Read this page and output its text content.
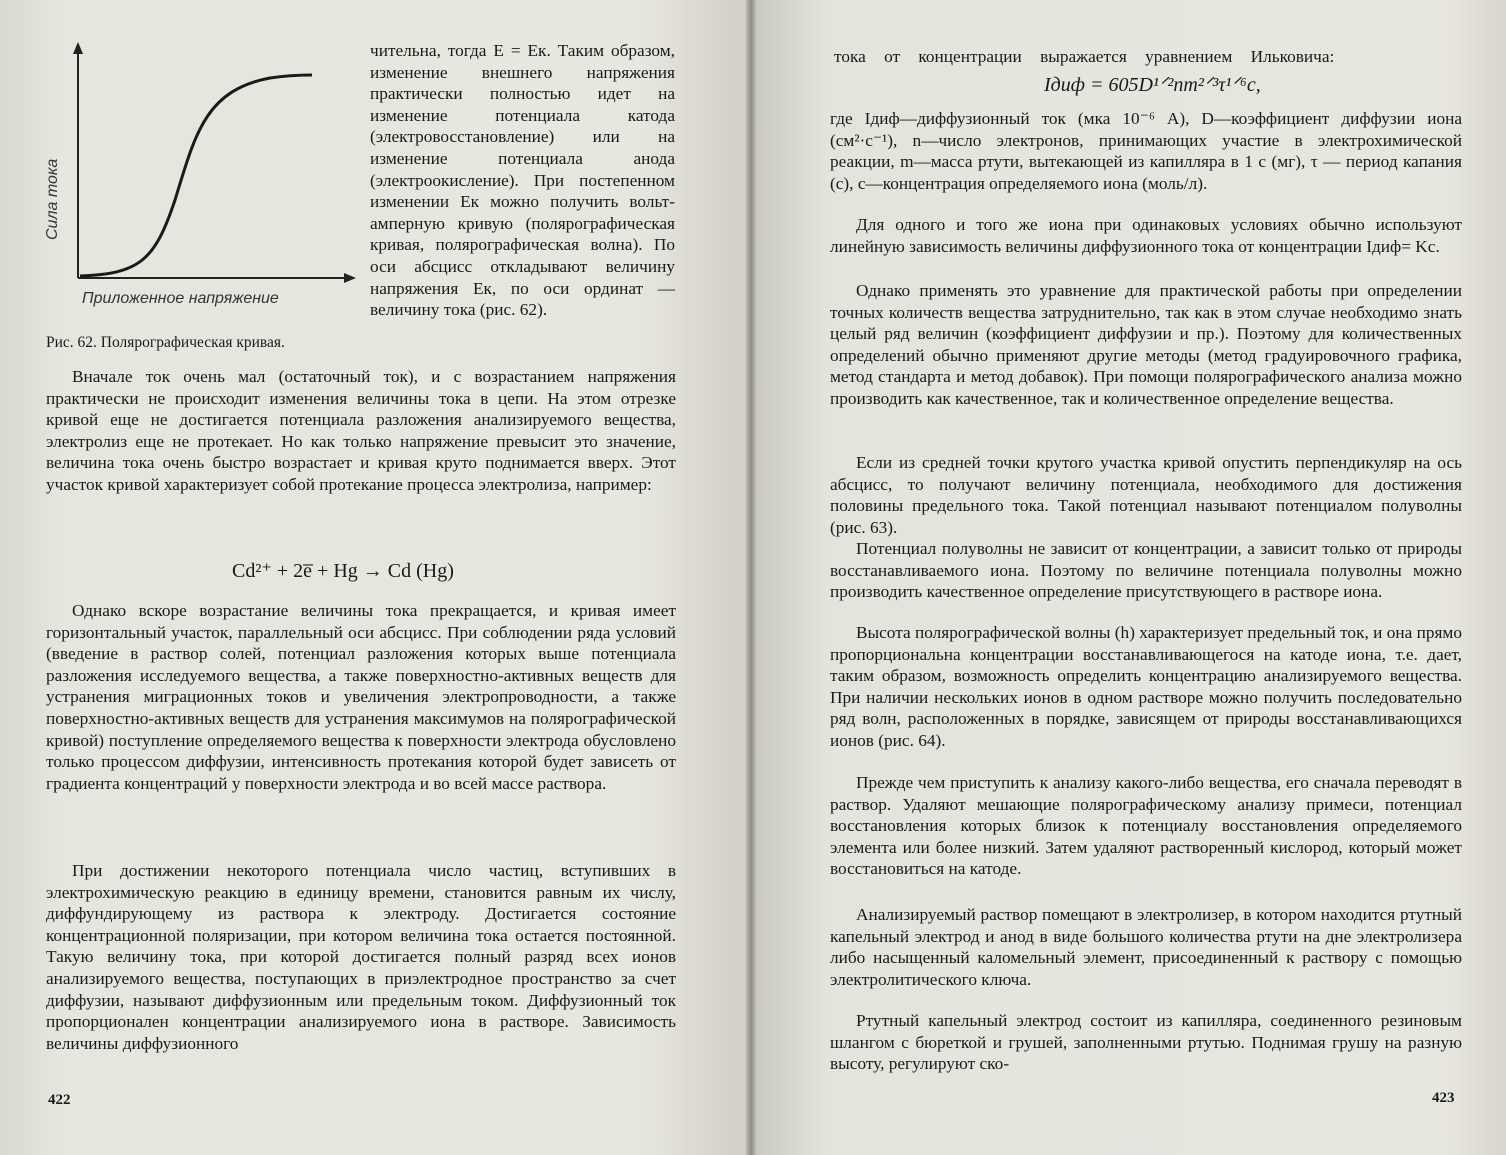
Сила тока
Приложенное напряжение
Рис. 62. Полярографическая кривая.
чительна, тогда E = Eк. Таким образом, изменение внешнего напряжения практически полностью идет на изменение потенциала катода (электровосстановление) или на изменение потенциала анода (электроокисление). При постепенном изменении Eк можно получить вольт-амперную кривую (полярографическая кривая, полярографическая волна). По оси абсцисс откладывают величину напряжения Eк, по оси ординат — величину тока (рис. 62).
Вначале ток очень мал (остаточный ток), и с возрастанием напряжения практически не происходит изменения величины тока в цепи. На этом отрезке кривой еще не достигается потенциала разложения анализируемого вещества, электролиз еще не протекает. Но как только напряжение превысит это значение, величина тока очень быстро возрастает и кривая круто поднимается вверх. Этот участок кривой характеризует собой протекание процесса электролиза, например:
Cd²⁺ + 2e̅ + Hg → Cd (Hg)
Однако вскоре возрастание величины тока прекращается, и кривая имеет горизонтальный участок, параллельный оси абсцисс. При соблюдении ряда условий (введение в раствор солей, потенциал разложения которых выше потенциала разложения исследуемого вещества, а также поверхностно-активных веществ для устранения миграционных токов и увеличения электропроводности, а также поверхностно-активных веществ для устранения максимумов на полярографической кривой) поступление определяемого вещества к поверхности электрода обусловлено только процессом диффузии, интенсивность протекания которой будет зависеть от градиента концентраций у поверхности электрода и во всей массе раствора.
При достижении некоторого потенциала число частиц, вступивших в электрохимическую реакцию в единицу времени, становится равным их числу, диффундирующему из раствора к электроду. Достигается состояние концентрационной поляризации, при котором величина тока остается постоянной. Такую величину тока, при которой достигается полный разряд всех ионов анализируемого вещества, поступающих в приэлектродное пространство за счет диффузии, называют диффузионным или предельным током. Диффузионный ток пропорционален концентрации анализируемого иона в растворе. Зависимость величины диффузионного
422
тока от концентрации выражается уравнением Ильковича:
Iдиф = 605D¹ᐟ²nm²ᐟ³τ¹ᐟ⁶c,
где Iдиф—диффузионный ток (мка 10⁻⁶ А), D—коэффициент диффузии иона (см²·с⁻¹), n—число электронов, принимающих участие в электрохимической реакции, m—масса ртути, вытекающей из капилляра в 1 с (мг), τ — период капания (с), c—концентрация определяемого иона (моль/л).
Для одного и того же иона при одинаковых условиях обычно используют линейную зависимость величины диффузионного тока от концентрации Iдиф= Kc.
Однако применять это уравнение для практической работы при определении точных количеств вещества затруднительно, так как в этом случае необходимо знать целый ряд величин (коэффициент диффузии и пр.). Поэтому для количественных определений обычно применяют другие методы (метод градуировочного графика, метод стандарта и метод добавок). При помощи полярографического анализа можно производить как качественное, так и количественное определение вещества.
Если из средней точки крутого участка кривой опустить перпендикуляр на ось абсцисс, то получают величину потенциала, необходимого для достижения половины предельного тока. Такой потенциал называют потенциалом полуволны (рис. 63).
Потенциал полуволны не зависит от концентрации, а зависит только от природы восстанавливаемого иона. Поэтому по величине потенциала полуволны можно производить качественное определение присутствующего в растворе иона.
Высота полярографической волны (h) характеризует предельный ток, и она прямо пропорциональна концентрации восстанавливающегося на катоде иона, т.е. дает, таким образом, возможность определить концентрацию анализируемого вещества. При наличии нескольких ионов в одном растворе можно получить последовательно ряд волн, расположенных в порядке, зависящем от природы восстанавливающихся ионов (рис. 64).
Прежде чем приступить к анализу какого-либо вещества, его сначала переводят в раствор. Удаляют мешающие полярографическому анализу примеси, потенциал восстановления которых близок к потенциалу восстановления определяемого элемента или более низкий. Затем удаляют растворенный кислород, который может восстановиться на катоде.
Анализируемый раствор помещают в электролизер, в котором находится ртутный капельный электрод и анод в виде большого количества ртути на дне электролизера либо насыщенный каломельный элемент, присоединенный к раствору с помощью электролитического ключа.
Ртутный капельный электрод состоит из капилляра, соединенного резиновым шлангом с бюреткой и грушей, заполненными ртутью. Поднимая грушу на разную высоту, регулируют ско-
423
